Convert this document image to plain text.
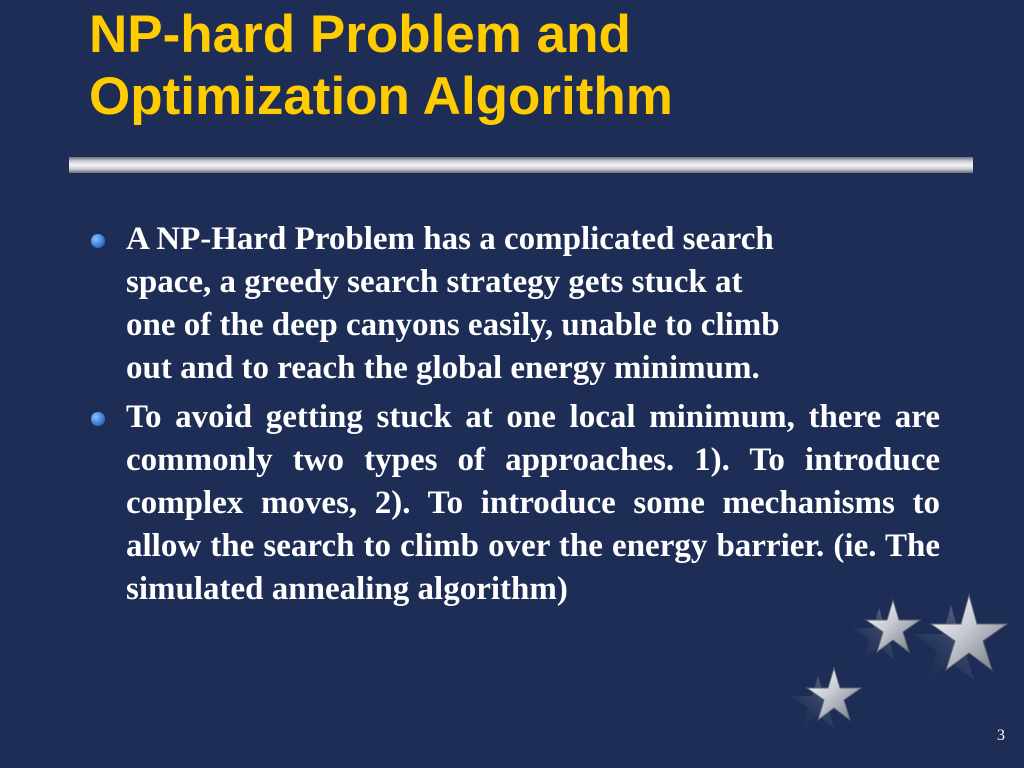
NP-hard Problem and
Optimization Algorithm
A NP-Hard Problem has a complicated search
space, a greedy search strategy gets stuck at
one of the deep canyons easily, unable to climb
out and to reach the global energy minimum.
To avoid getting stuck at one local minimum, there are commonly two types of approaches. 1). To introduce complex moves, 2). To introduce some mechanisms to allow the search to climb over the energy barrier. (ie. The simulated annealing algorithm)
3
